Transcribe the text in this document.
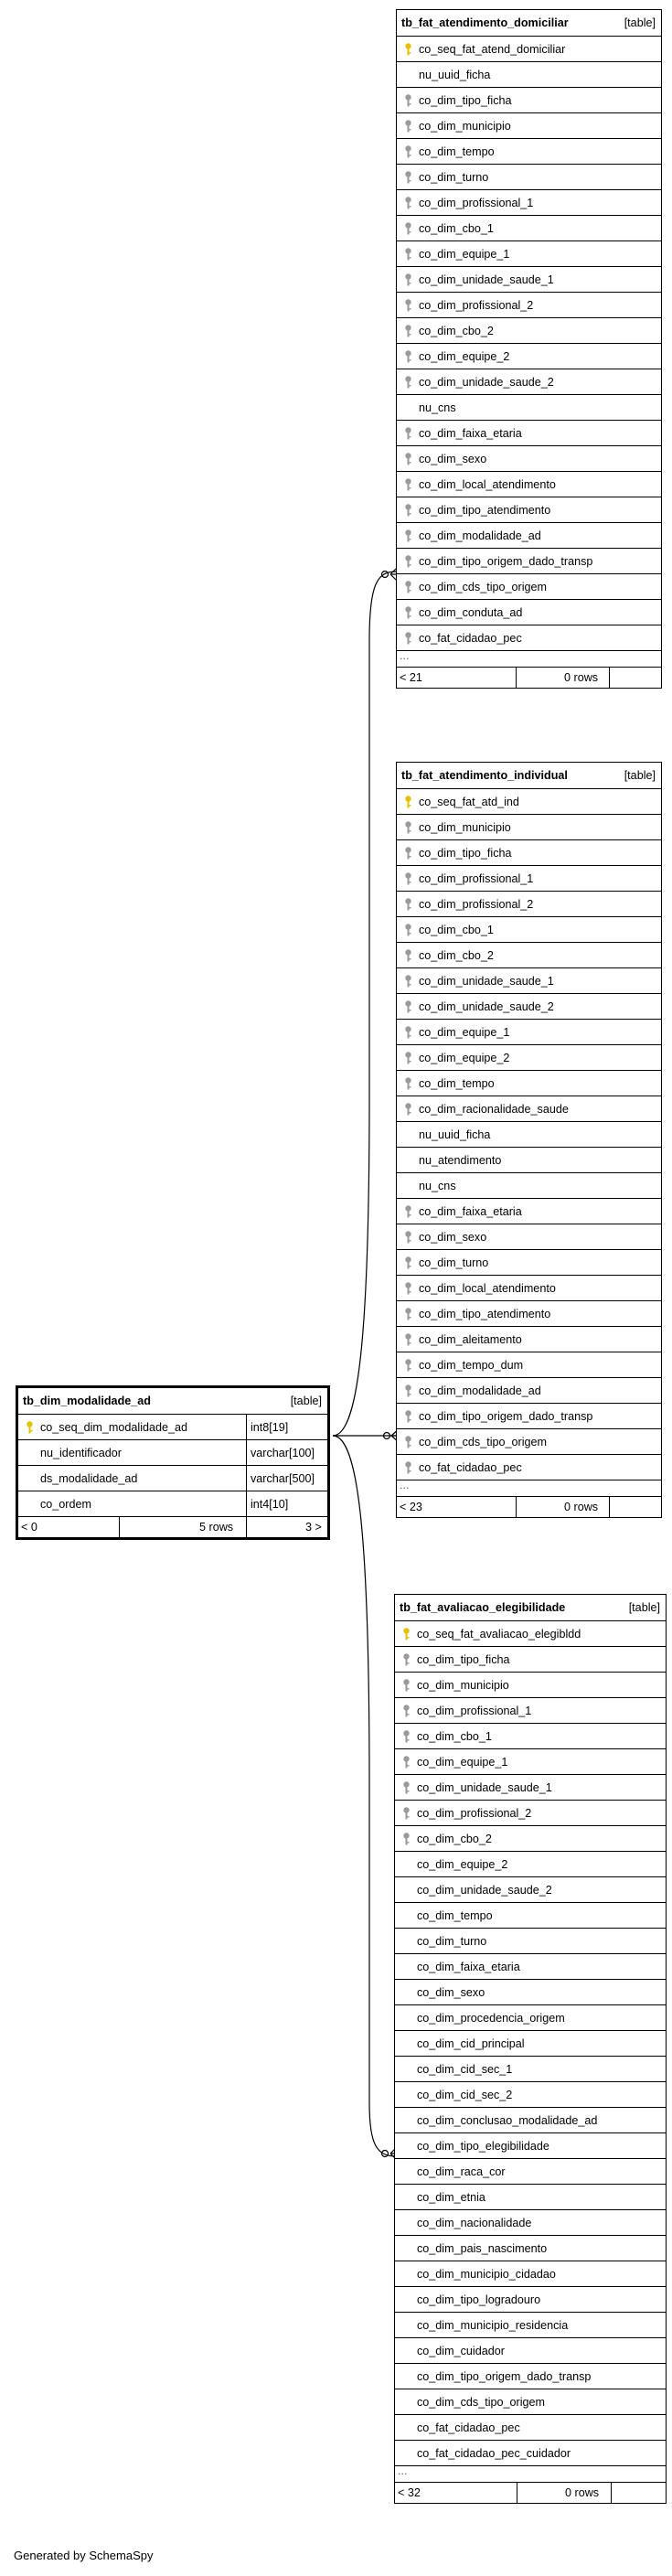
tb_fat_atendimento_domiciliar	[table]
co_seq_fat_atend_domiciliar
nu_uuid_ficha
co_dim_tipo_ficha
co_dim_municipio
co_dim_tempo
co_dim_turno
co_dim_profissional_1
co_dim_cbo_1
co_dim_equipe_1
co_dim_unidade_saude_1
co_dim_profissional_2
co_dim_cbo_2
co_dim_equipe_2
co_dim_unidade_saude_2
nu_cns
co_dim_faixa_etaria
co_dim_sexo
co_dim_local_atendimento
co_dim_tipo_atendimento
co_dim_modalidade_ad
co_dim_tipo_origem_dado_transp
co_dim_cds_tipo_origem
co_dim_conduta_ad
co_fat_cidadao_pec
...
< 21	0 rows
tb_fat_atendimento_individual	[table]
co_seq_fat_atd_ind
co_dim_municipio
co_dim_tipo_ficha
co_dim_profissional_1
co_dim_profissional_2
co_dim_cbo_1
co_dim_cbo_2
co_dim_unidade_saude_1
co_dim_unidade_saude_2
co_dim_equipe_1
co_dim_equipe_2
co_dim_tempo
co_dim_racionalidade_saude
nu_uuid_ficha
nu_atendimento
nu_cns
co_dim_faixa_etaria
co_dim_sexo
co_dim_turno
co_dim_local_atendimento
co_dim_tipo_atendimento
co_dim_aleitamento
co_dim_tempo_dum
co_dim_modalidade_ad
co_dim_tipo_origem_dado_transp
co_dim_cds_tipo_origem
co_fat_cidadao_pec
...
< 23	0 rows
tb_fat_avaliacao_elegibilidade	[table]
co_seq_fat_avaliacao_elegibldd
co_dim_tipo_ficha
co_dim_municipio
co_dim_profissional_1
co_dim_cbo_1
co_dim_equipe_1
co_dim_unidade_saude_1
co_dim_profissional_2
co_dim_cbo_2
co_dim_equipe_2
co_dim_unidade_saude_2
co_dim_tempo
co_dim_turno
co_dim_faixa_etaria
co_dim_sexo
co_dim_procedencia_origem
co_dim_cid_principal
co_dim_cid_sec_1
co_dim_cid_sec_2
co_dim_conclusao_modalidade_ad
co_dim_tipo_elegibilidade
co_dim_raca_cor
co_dim_etnia
co_dim_nacionalidade
co_dim_pais_nascimento
co_dim_municipio_cidadao
co_dim_tipo_logradouro
co_dim_municipio_residencia
co_dim_cuidador
co_dim_tipo_origem_dado_transp
co_dim_cds_tipo_origem
co_fat_cidadao_pec
co_fat_cidadao_pec_cuidador
...
< 32	0 rows
tb_dim_modalidade_ad	[table]
co_seq_dim_modalidade_ad	int8[19]
nu_identificador	varchar[100]
ds_modalidade_ad	varchar[500]
co_ordem	int4[10]
< 0	5 rows	3 >
Generated by SchemaSpy
